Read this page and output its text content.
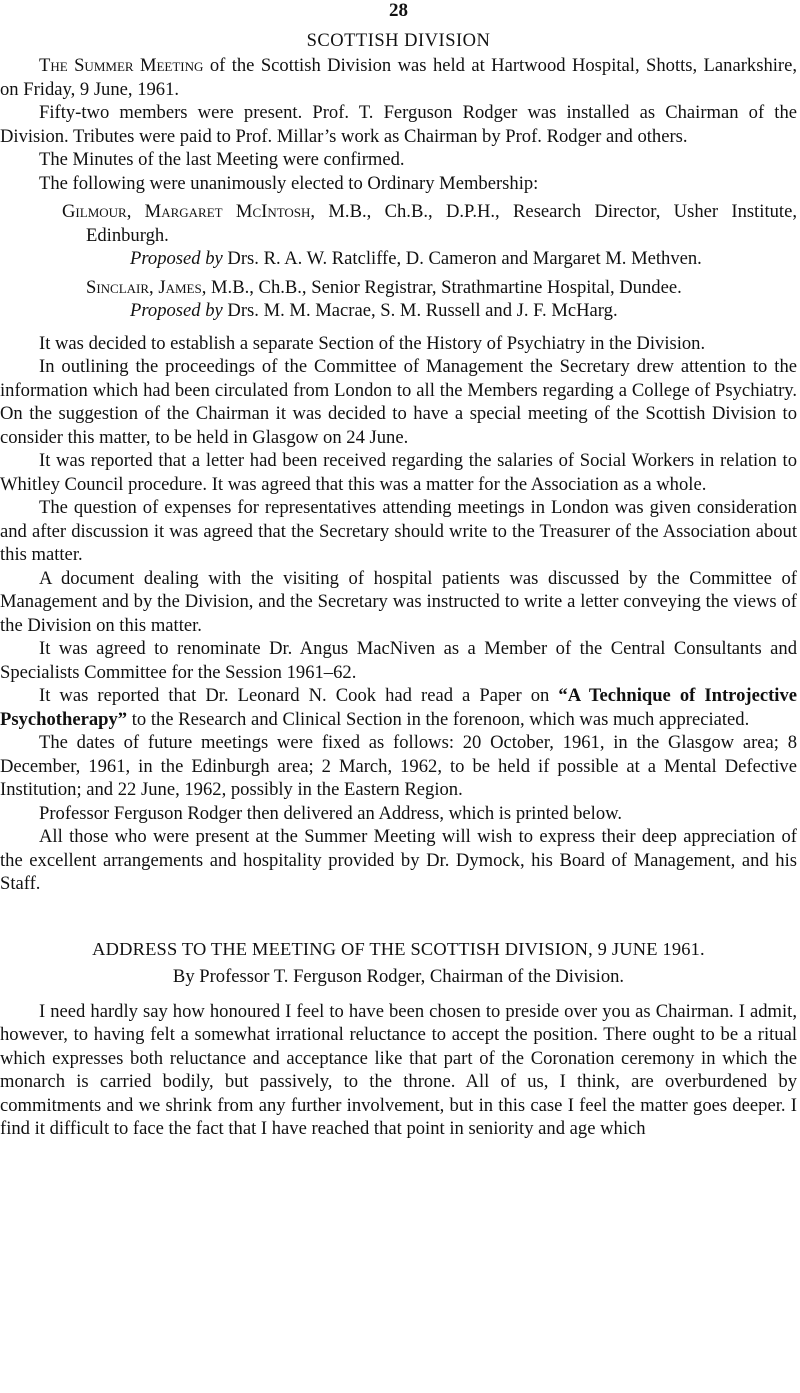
28
SCOTTISH DIVISION

The Summer Meeting of the Scottish Division was held at Hartwood Hospital, Shotts, Lanarkshire, on Friday, 9 June, 1961.

Fifty-two members were present. Prof. T. Ferguson Rodger was installed as Chairman of the Division. Tributes were paid to Prof. Millar’s work as Chairman by Prof. Rodger and others.

The Minutes of the last Meeting were confirmed.

The following were unanimously elected to Ordinary Membership:

Gilmour, Margaret McIntosh, M.B., Ch.B., D.P.H., Research Director, Usher Institute, Edinburgh.

Proposed by Drs. R. A. W. Ratcliffe, D. Cameron and Margaret M. Methven.

Sinclair, James, M.B., Ch.B., Senior Registrar, Strathmartine Hospital, Dundee.

Proposed by Drs. M. M. Macrae, S. M. Russell and J. F. McHarg.

It was decided to establish a separate Section of the History of Psychiatry in the Division.

In outlining the proceedings of the Committee of Management the Secretary drew attention to the information which had been circulated from London to all the Members regarding a College of Psychiatry. On the suggestion of the Chairman it was decided to have a special meeting of the Scottish Division to consider this matter, to be held in Glasgow on 24 June.

It was reported that a letter had been received regarding the salaries of Social Workers in relation to Whitley Council procedure. It was agreed that this was a matter for the Association as a whole.

The question of expenses for representatives attending meetings in London was given consideration and after discussion it was agreed that the Secretary should write to the Treasurer of the Association about this matter.

A document dealing with the visiting of hospital patients was discussed by the Committee of Management and by the Division, and the Secretary was instructed to write a letter conveying the views of the Division on this matter.

It was agreed to renominate Dr. Angus MacNiven as a Member of the Central Consultants and Specialists Committee for the Session 1961–62.

It was reported that Dr. Leonard N. Cook had read a Paper on “A Technique of Introjective Psychotherapy” to the Research and Clinical Section in the forenoon, which was much appreciated.

The dates of future meetings were fixed as follows: 20 October, 1961, in the Glasgow area; 8 December, 1961, in the Edinburgh area; 2 March, 1962, to be held if possible at a Mental Defective Institution; and 22 June, 1962, possibly in the Eastern Region.

Professor Ferguson Rodger then delivered an Address, which is printed below.

All those who were present at the Summer Meeting will wish to express their deep appreciation of the excellent arrangements and hospitality provided by Dr. Dymock, his Board of Management, and his Staff.

ADDRESS TO THE MEETING OF THE SCOTTISH DIVISION, 9 JUNE 1961.
By Professor T. Ferguson Rodger, Chairman of the Division.

I need hardly say how honoured I feel to have been chosen to preside over you as Chairman. I admit, however, to having felt a somewhat irrational reluctance to accept the position. There ought to be a ritual which expresses both reluctance and acceptance like that part of the Coronation ceremony in which the monarch is carried bodily, but passively, to the throne. All of us, I think, are overburdened by commitments and we shrink from any further involvement, but in this case I feel the matter goes deeper. I find it difficult to face the fact that I have reached that point in seniority and age which
